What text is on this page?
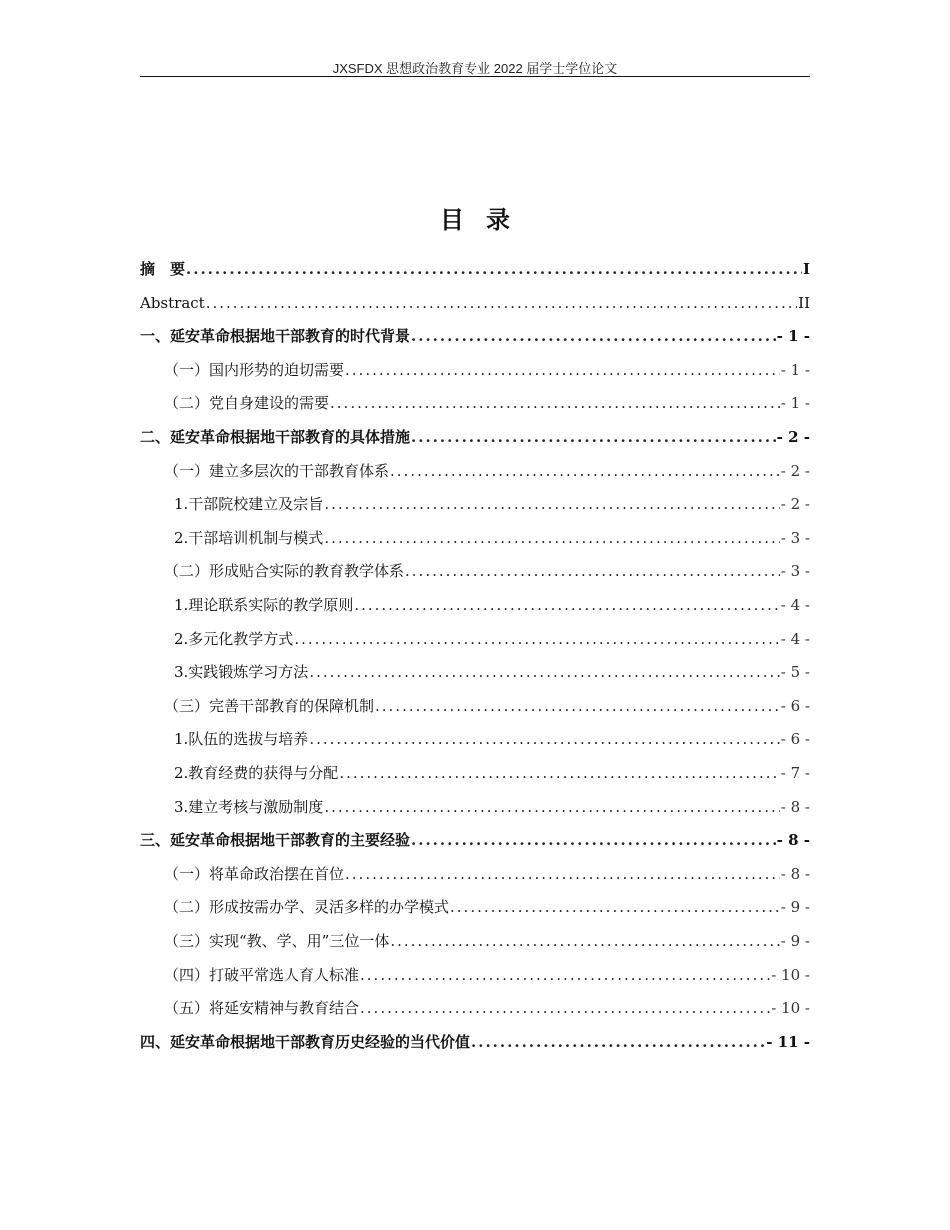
JXSFDX 思想政治教育专业 2022 届学士学位论文
目录
摘　要 .....	I
Abstract .....	II
一、延安革命根据地干部教育的时代背景 .....	- 1 -
（一）国内形势的迫切需要 .....	- 1 -
（二）党自身建设的需要 .....	- 1 -
二、延安革命根据地干部教育的具体措施 .....	- 2 -
（一）建立多层次的干部教育体系 .....	- 2 -
1.干部院校建立及宗旨 .....	- 2 -
2.干部培训机制与模式 .....	- 3 -
（二）形成贴合实际的教育教学体系 .....	- 3 -
1.理论联系实际的教学原则 .....	- 4 -
2.多元化教学方式 .....	- 4 -
3.实践锻炼学习方法 .....	- 5 -
（三）完善干部教育的保障机制 .....	- 6 -
1.队伍的选拔与培养 .....	- 6 -
2.教育经费的获得与分配 .....	- 7 -
3.建立考核与激励制度 .....	- 8 -
三、延安革命根据地干部教育的主要经验 .....	- 8 -
（一）将革命政治摆在首位 .....	- 8 -
（二）形成按需办学、灵活多样的办学模式 .....	- 9 -
（三）实现“教、学、用”三位一体 .....	- 9 -
（四）打破平常选人育人标准 .....	- 10 -
（五）将延安精神与教育结合 .....	- 10 -
四、延安革命根据地干部教育历史经验的当代价值 .....	- 11 -
